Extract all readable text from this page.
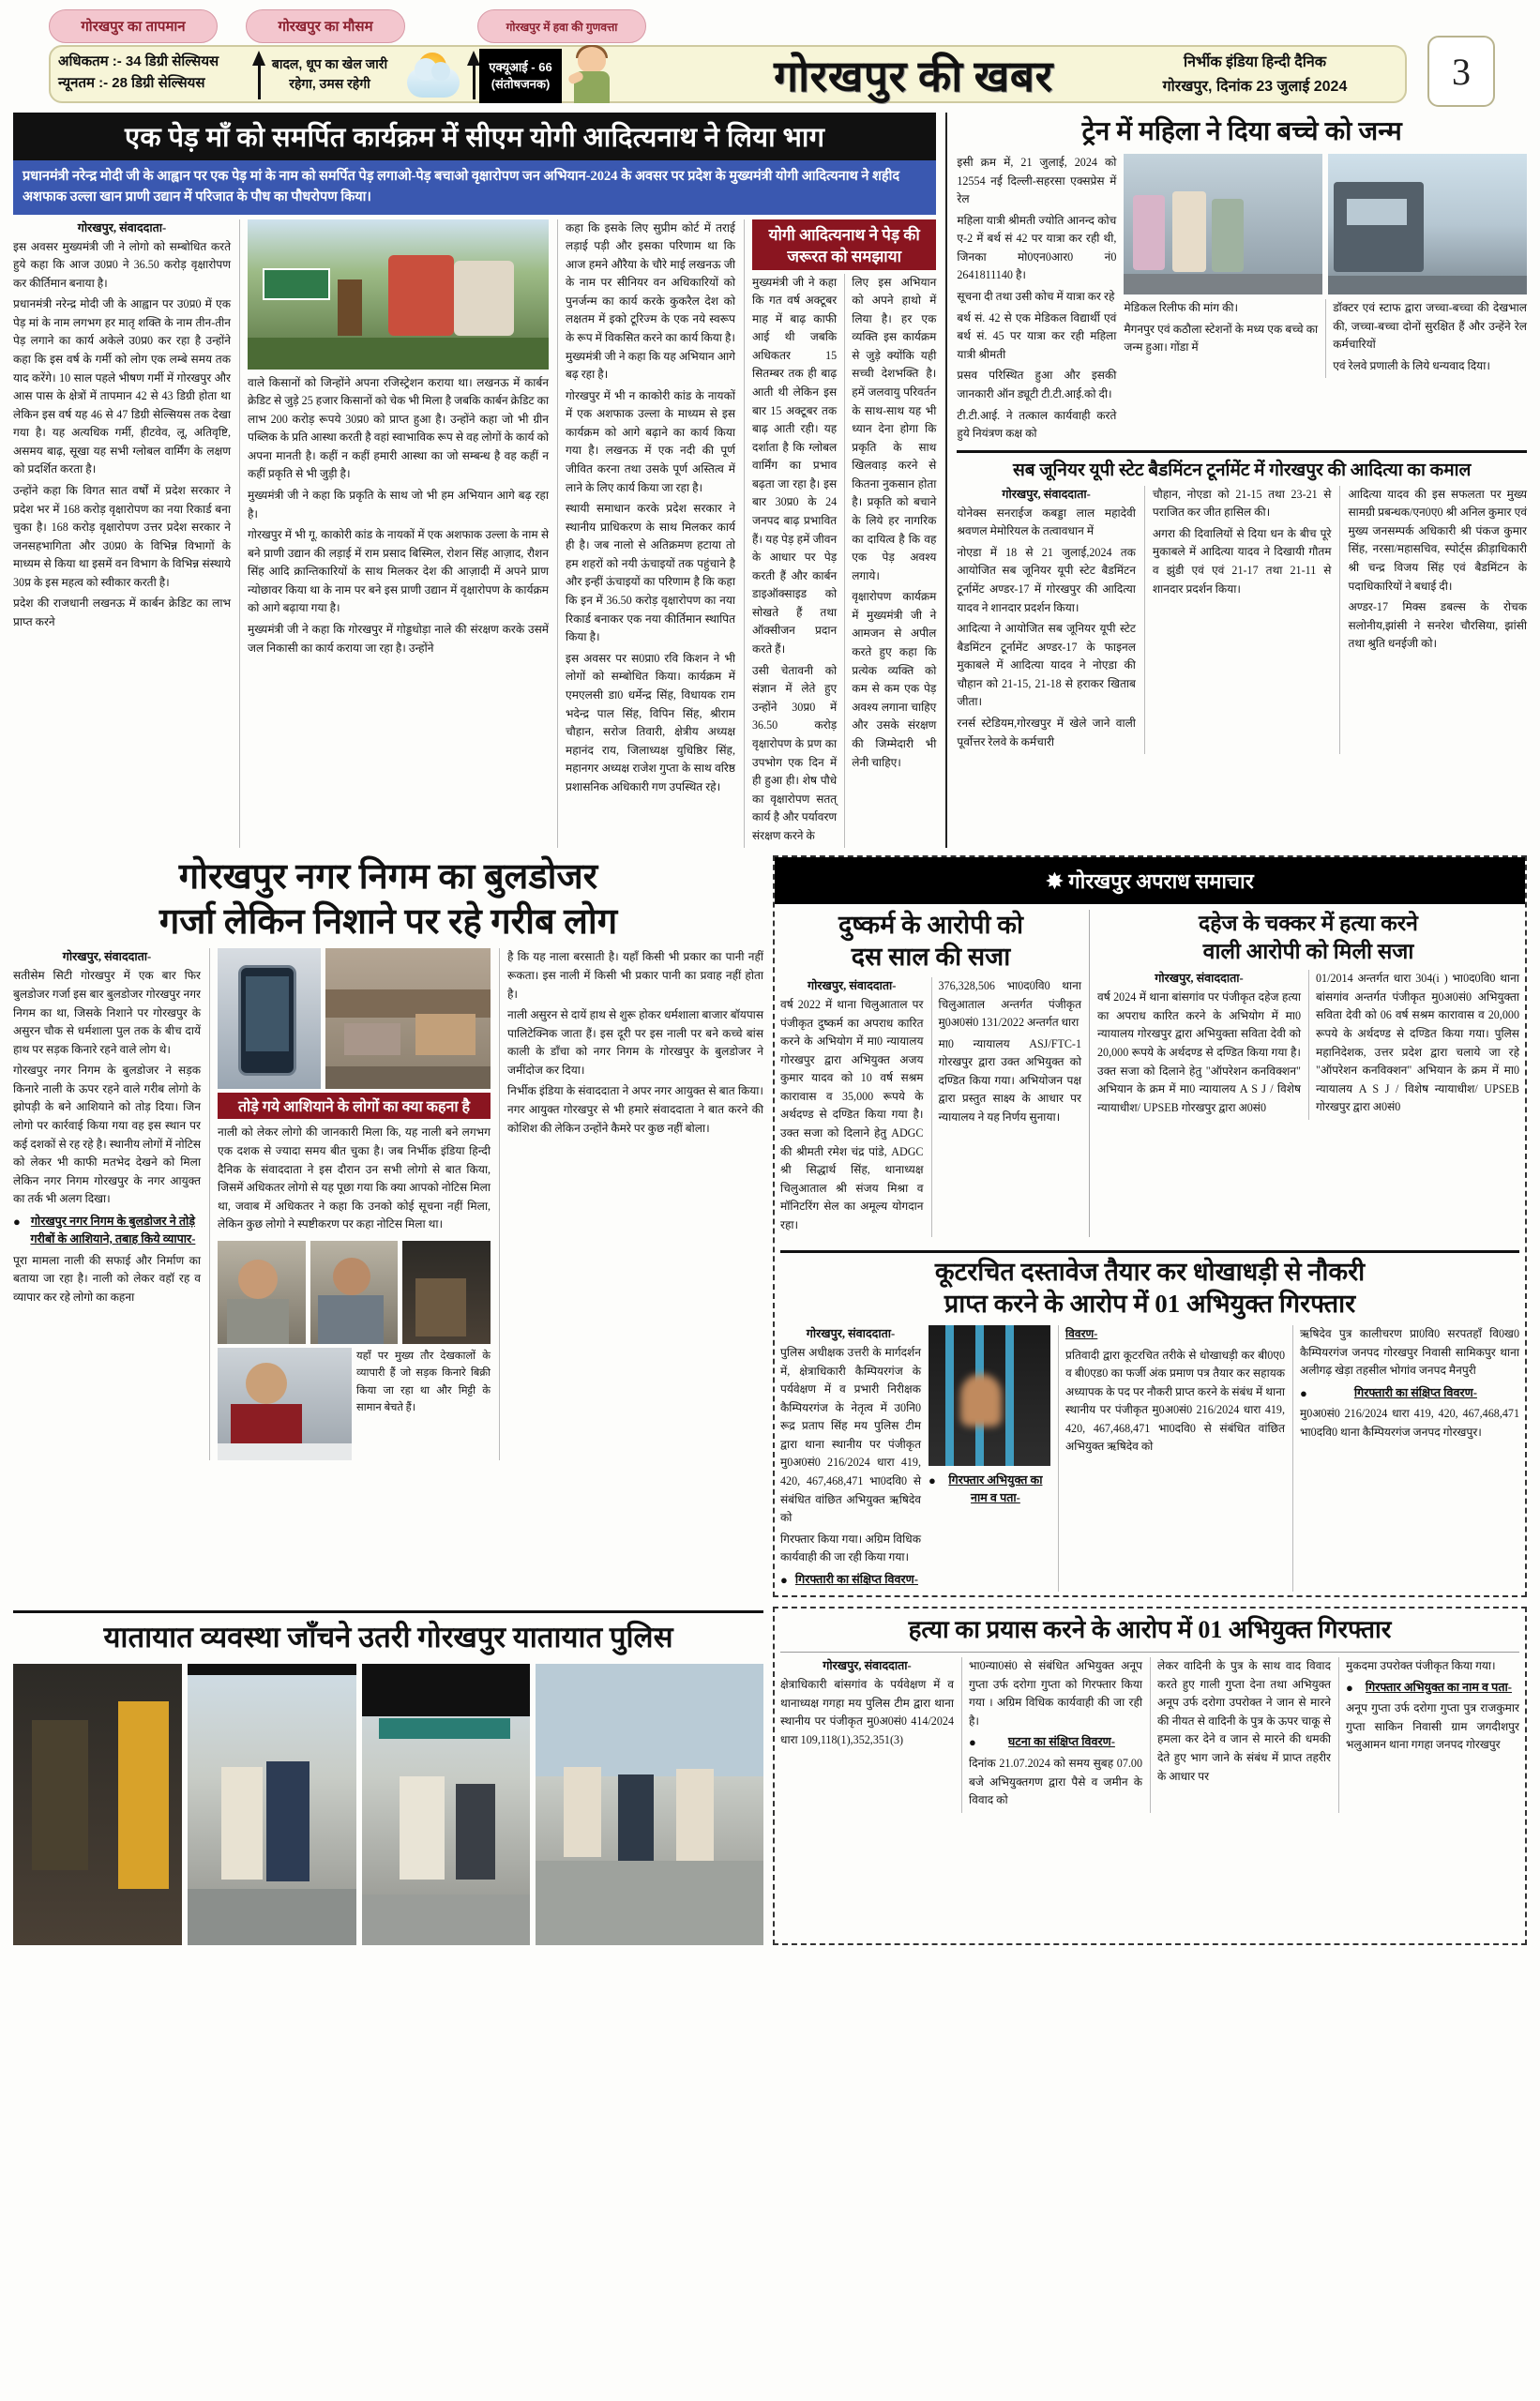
गोरखपुर का तापमान	गोरखपुर का मौसम	गोरखपुर में हवा की गुणवत्ता
अधिकतम :- 34 डिग्री सेल्सियस
न्यूनतम :- 28 डिग्री सेल्सियस
बादल, धूप का खेल जारी
रहेगा, उमस रहेगी
एक्यूआई - 66
(संतोषजनक)	गोरखपुर की खबर	निर्भीक इंडिया हिन्दी दैनिक
गोरखपुर, दिनांक 23 जुलाई 2024	3
एक पेड़ माँ को समर्पित कार्यक्रम में सीएम योगी आदित्यनाथ ने लिया भाग
प्रधानमंत्री नरेन्द्र मोदी जी के आह्वान पर एक पेड़ मां के नाम को समर्पित पेड़ लगाओ-पेड़ बचाओ वृक्षारोपण जन अभियान-2024 के अवसर पर प्रदेश के मुख्यमंत्री योगी आदित्यनाथ ने शहीद अशफाक उल्ला खान प्राणी उद्यान में परिजात के पौध का पौधरोपण किया।
गोरखपुर, संवाददाता-

इस अवसर मुख्यमंत्री जी ने लोगो को सम्बोधित करते हुये कहा कि आज उ0प्र0 ने 36.50 करोड़ वृक्षारोपण कर कीर्तिमान बनाया है।

प्रधानमंत्री नरेन्द्र मोदी जी के आह्वान पर उ0प्र0 में एक पेड़ मां के नाम लगभग हर मातृ शक्ति के नाम तीन-तीन पेड़ लगाने का कार्य अकेले उ0प्र0 कर रहा है उन्होंने कहा कि इस वर्ष के गर्मी को लोग एक लम्बे समय तक याद करेंगे। 10 साल पहले भीषण गर्मी में गोरखपुर और आस पास के क्षेत्रों में तापमान 42 से 43 डिग्री होता था लेकिन इस वर्ष यह 46 से 47 डिग्री सेल्सियस तक देखा गया है। यह अत्यधिक गर्मी, हीटवेव, लू, अतिवृष्टि, असमय बाढ़, सूखा यह सभी ग्लोबल वार्मिंग के लक्षण को प्रदर्शित करता है।

उन्होंने कहा कि विगत सात वर्षों में प्रदेश सरकार ने प्रदेश भर में 168 करोड़ वृक्षारोपण का नया रिकार्ड बना चुका है। 168 करोड़ वृक्षारोपण उत्तर प्रदेश सरकार ने जनसहभागिता और उ0प्र0 के विभिन्न विभागों के माध्यम से किया था इसमें वन विभाग के विभिन्न संस्थाये 30प्र के इस महत्व को स्वीकार करती है।

प्रदेश की राजधानी लखनऊ में कार्बन क्रेडिट का लाभ प्राप्त करने

वाले किसानों को जिन्होंने अपना रजिस्ट्रेशन कराया था। लखनऊ में कार्बन क्रेडिट से जुड़े 25 हजार किसानों को चेक भी मिला है जबकि कार्बन क्रेडिट का लाभ 200 करोड़ रूपये 30प्र0 को प्राप्त हुआ है। उन्होंने कहा जो भी ग्रीन पब्लिक के प्रति आस्था करती है वहां स्वाभाविक रूप से वह लोगों के कार्य को अपना मानती है। कहीं न कहीं हमारी आस्था का जो सम्बन्ध है वह कहीं न कहीं प्रकृति से भी जुड़ी है।

मुख्यमंत्री जी ने कहा कि प्रकृति के साथ जो भी हम अभियान आगे बढ़ रहा है।

गोरखपुर में भी गू. काकोरी कांड के नायकों में एक अशफाक उल्ला के नाम से बने प्राणी उद्यान की लड़ाई में राम प्रसाद बिस्मिल, रोशन सिंह आज़ाद, रौशन सिंह आदि क्रान्तिकारियों के साथ मिलकर देश की आज़ादी में अपने प्राण न्योछावर किया था के नाम पर बने इस प्राणी उद्यान में वृक्षारोपण के कार्यक्रम को आगे बढ़ाया गया है।

मुख्यमंत्री जी ने कहा कि गोरखपुर में गोड्डधोड़ा नाले की संरक्षण करके उसमें जल निकासी का कार्य कराया जा रहा है। उन्होंने

कहा कि इसके लिए सुप्रीम कोर्ट में तराई लड़ाई पड़ी और इसका परिणाम था कि आज हमने औरैया के चौरे माई लखनऊ जी के नाम पर सीनियर वन अधिकारियों को पुनर्जन्म का कार्य करके कुकरैल देश को लक्षतम में इको टूरिज्म के एक नये स्वरूप के रूप में विकसित करने का कार्य किया है। मुख्यमंत्री जी ने कहा कि यह अभियान आगे बढ़ रहा है।

गोरखपुर में भी न काकोरी कांड के नायकों में एक अशफाक उल्ला के माध्यम से इस कार्यक्रम को आगे बढ़ाने का कार्य किया गया है। लखनऊ में एक नदी की पूर्ण जीवित करना तथा उसके पूर्ण अस्तित्व में लाने के लिए कार्य किया जा रहा है।

स्थायी समाधान करके प्रदेश सरकार ने स्थानीय प्राधिकरण के साथ मिलकर कार्य ही है। जब नालो से अतिक्रमण हटाया तो हम शहरों को नयी ऊंचाइयों तक पहुंचाने है और इन्हीं ऊंचाइयों का परिणाम है कि कहा कि इन में 36.50 करोड़ वृक्षारोपण का नया रिकार्ड बनाकर एक नया कीर्तिमान स्थापित किया है।

इस अवसर पर स0प्रा0 रवि किशन ने भी लोगों को सम्बोधित किया। कार्यक्रम में एमएलसी डा0 धर्मेन्द्र सिंह, विधायक राम भदेन्द्र पाल सिंह, विपिन सिंह, श्रीराम चौहान, सरोज तिवारी, क्षेत्रीय अध्यक्ष महानंद राय, जिलाध्यक्ष युधिष्ठिर सिंह, महानगर अध्यक्ष राजेश गुप्ता के साथ वरिष्ठ प्रशासनिक अधिकारी गण उपस्थित रहे।

योगी आदित्यनाथ ने पेड़ की जरूरत को समझाया

मुख्यमंत्री जी ने कहा कि गत वर्ष अक्टूबर माह में बाढ़ काफी आई थी जबकि अधिकतर 15 सितम्बर तक ही बाढ़ आती थी लेकिन इस बार 15 अक्टूबर तक बाढ़ आती रही। यह दर्शाता है कि ग्लोबल वार्मिंग का प्रभाव बढ़ता जा रहा है। इस बार 30प्र0 के 24 जनपद बाढ़ प्रभावित हैं। यह पेड़ हमें जीवन के आधार पर पेड़ करती हैं और कार्बन डाइऑक्साइड को सोखते हैं तथा ऑक्सीजन प्रदान करते हैं।

उसी चेतावनी को संज्ञान में लेते हुए उन्होंने 30प्र0 में 36.50 करोड़ वृक्षारोपण के प्रण का उपभोग एक दिन में ही हुआ ही। शेष पौधे का वृक्षारोपण सतत् कार्य है और पर्यावरण संरक्षण करने के

लिए इस अभियान को अपने हाथो में लिया है। हर एक व्यक्ति इस कार्यक्रम से जुड़े क्योंकि यही सच्ची देशभक्ति है। हमें जलवायु परिवर्तन के साथ-साथ यह भी ध्यान देना होगा कि प्रकृति के साथ खिलवाड़ करने से कितना नुकसान होता है। प्रकृति को बचाने के लिये हर नागरिक का दायित्व है कि वह एक पेड़ अवश्य लगाये।

वृक्षारोपण कार्यक्रम में मुख्यमंत्री जी ने आमजन से अपील करते हुए कहा कि प्रत्येक व्यक्ति को कम से कम एक पेड़ अवश्य लगाना चाहिए और उसके संरक्षण की जिम्मेदारी भी लेनी चाहिए।

ट्रेन में महिला ने दिया बच्चे को जन्म

इसी क्रम में, 21 जुलाई, 2024 को 12554 नई दिल्ली-सहरसा एक्सप्रेस में रेल

महिला यात्री श्रीमती ज्योति आनन्द कोच ए-2 में बर्थ सं 42 पर यात्रा कर रही थी, जिनका मो0एन0आर0 नं0 2641811140 है।

सूचना दी तथा उसी कोच में यात्रा कर रहे

बर्थ सं. 42 से एक मेडिकल विद्यार्थी एवं बर्थ सं. 45 पर यात्रा कर रही महिला यात्री श्रीमती

प्रसव परिस्थित हुआ और इसकी जानकारी ऑन ड्यूटी टी.टी.आई.को दी।

टी.टी.आई. ने तत्काल कार्यवाही करते हुये नियंत्रण कक्ष को

मेडिकल रिलीफ की मांग की।

मैगनपुर एवं कठौला स्टेशनों के मध्य एक बच्चे का जन्म हुआ। गोंडा में

डॉक्टर एवं स्टाफ द्वारा जच्चा-बच्चा की देखभाल की, जच्चा-बच्चा दोनों सुरक्षित हैं और उन्हेंने रेल कर्मचारियों

एवं रेलवे प्रणाली के लिये धन्यवाद दिया।

सब जूनियर यूपी स्टेट बैडमिंटन टूर्नामेंट में गोरखपुर की आदित्या का कमाल
गोरखपुर, संवाददाता-

योनेक्स सनराईज कबड्डा लाल महादेवी श्रवणल मेमोरियल के तत्वावधान में

नोएडा में 18 से 21 जुलाई,2024 तक आयोजित सब जूनियर यूपी स्टेट बैडमिंटन टूर्नामेंट अण्डर-17 में गोरखपुर की आदित्या यादव ने शानदार प्रदर्शन किया।

आदित्या ने आयोजित सब जूनियर यूपी स्टेट बैडमिंटन टूर्नामेंट अण्डर-17 के फाइनल मुकाबले में आदित्या यादव ने नोएडा की चौहान को 21-15, 21-18 से हराकर खिताब जीता।

रनर्स स्टेडियम,गोरखपुर में खेले जाने वाली पूर्वोत्तर रेलवे के कर्मचारी

चौहान, नोएडा को 21-15 तथा 23-21 से पराजित कर जीत हासिल की।

अगरा की दिवालियों से दिया धन के बीच पूरे मुकाबले में आदित्या यादव ने दिखायी गौतम व झुंडी एवं एवं 21-17 तथा 21-11 से शानदार प्रदर्शन किया।

आदित्या यादव की इस सफलता पर मुख्य सामग्री प्रबन्धक/एन0ए0 श्री अनिल कुमार एवं मुख्य जनसम्पर्क अधिकारी श्री पंकज कुमार सिंह, नरसा/महासचिव, स्पोर्ट्स क्रीड़ाधिकारी श्री चन्द्र विजय सिंह एवं बैडमिंटन के पदाधिकारियों ने बधाई दी।

अण्डर-17 मिक्स डबल्स के रोचक सलोनीय,झांसी ने सनरेश चौरसिया, झांसी तथा श्रुति धनईजी को।

गोरखपुर नगर निगम का बुलडोजर
गर्जा लेकिन निशाने पर रहे गरीब लोग
गोरखपुर, संवाददाता-

सतीसेम सिटी गोरखपुर में एक बार फिर बुलडोजर गर्जा इस बार बुलडोजर गोरखपुर नगर निगम का था, जिसके निशाने पर गोरखपुर के असुरन चौक से धर्मशाला पुल तक के बीच दायें हाथ पर सड़क किनारे रहने वाले लोग थे।

गोरखपुर नगर निगम के बुलडोजर ने सड़क किनारे नाली के ऊपर रहने वाले गरीब लोगो के झोपड़ी के बने आशियाने को तोड़ दिया। जिन लोगो पर कार्रवाई किया गया वह इस स्थान पर कई दशकों से रह रहे है। स्थानीय लोगों में नोटिस को लेकर भी काफी मतभेद देखने को मिला लेकिन नगर निगम गोरखपुर के नगर आयुक्त का तर्क भी अलग दिखा।

● गोरखपुर नगर निगम के बुलडोजर ने तोड़े गरीबों के आशियाने, तबाह किये व्यापार-

पूरा मामला नाली की सफाई और निर्माण का बताया जा रहा है। नाली को लेकर वहॉ रह व व्यापार कर रहे लोगो का कहना

तोड़े गये आशियाने के लोगों का क्या कहना है

नाली को लेकर लोगो की जानकारी मिला कि, यह नाली बने लगभग एक दशक से ज्यादा समय बीत चुका है। जब निर्भीक इंडिया हिन्दी दैनिक के संवाददाता ने इस दौरान उन सभी लोगो से बात किया, जिसमें अधिकतर लोगो से यह पूछा गया कि क्या आपको नोटिस मिला था, जवाब में अधिकतर ने कहा कि उनको कोई सूचना नहीं मिला, लेकिन कुछ लोगो ने स्पष्टीकरण पर कहा नोटिस मिला था।

यहाँ पर मुख्य तौर देखकालों के व्यापारी हैं जो सड़क किनारे बिक्री किया जा रहा था और मिट्टी के सामान बेचते हैं।

है कि यह नाला बरसाती है। यहाँ किसी भी प्रकार का पानी नहीं रूकता। इस नाली में किसी भी प्रकार पानी का प्रवाह नहीं होता है।

नाली असुरन से दायें हाथ से शुरू होकर धर्मशाला बाजार बॉयपास पालिटेक्निक जाता हैं। इस दूरी पर इस नाली पर बने कच्चे बांस काली के डाँचा को नगर निगम के गोरखपुर के बुलडोजर ने जमींदोज कर दिया।

निर्भीक इंडिया के संवाददाता ने अपर नगर आयुक्त से बात किया। नगर आयुक्त गोरखपुर से भी हमारे संवाददाता ने बात करने की कोशिश की लेकिन उन्होंने कैमरे पर कुछ नहीं बोला।

✸ गोरखपुर अपराध समाचार
दुष्कर्म के आरोपी को
दस साल की सजा
गोरखपुर, संवाददाता-

वर्ष 2022 में थाना चिलुआताल पर पंजीकृत दुष्कर्म का अपराध कारित करने के अभियोग में मा0 न्यायालय गोरखपुर द्वारा अभियुक्त अजय कुमार यादव को 10 वर्ष सश्रम कारावास व 35,000 रूपये के अर्थदण्ड से दण्डित किया गया है। उक्त सजा को दिलाने हेतु ADGC की श्रीमती रमेश चंद्र पांडे, ADGC श्री सिद्धार्थ सिंह, थानाध्यक्ष चिलुआताल श्री संजय मिश्रा व मॉनिटरिंग सेल का अमूल्य योगदान रहा।

376,328,506 भा0द0वि0 थाना चिलुआताल अन्तर्गत पंजीकृत मु0अ0सं0 131/2022 अन्तर्गत धारा

मा0 न्यायालय ASJ/FTC-1 गोरखपुर द्वारा उक्त अभियुक्त को दण्डित किया गया। अभियोजन पक्ष द्वारा प्रस्तुत साक्ष्य के आधार पर न्यायालय ने यह निर्णय सुनाया।

दहेज के चक्कर में हत्या करने
वाली आरोपी को मिली सजा
गोरखपुर, संवाददाता-

वर्ष 2024 में थाना बांसगांव पर पंजीकृत दहेज हत्या का अपराध कारित करने के अभियोग में मा0 न्यायालय गोरखपुर द्वारा अभियुक्ता सविता देवी को 20,000 रूपये के अर्थदण्ड से दण्डित किया गया है। उक्त सजा को दिलाने हेतु "ऑपरेशन कनविक्शन" अभियान के क्रम में मा0 न्यायालय A S J / विशेष न्यायाधीश/ UPSEB गोरखपुर द्वारा अ0सं0

01/2014 अन्तर्गत धारा 304(i ) भा0द0वि0 थाना बांसगांव अन्तर्गत पंजीकृत मु0अ0सं0 अभियुक्ता सविता देवी को 06 वर्ष सश्रम कारावास व 20,000 रूपये के अर्थदण्ड से दण्डित किया गया। पुलिस महानिदेशक, उत्तर प्रदेश द्वारा चलाये जा रहे "ऑपरेशन कनविक्शन" अभियान के क्रम में मा0 न्यायालय A S J / विशेष न्यायाधीश/ UPSEB गोरखपुर द्वारा अ0सं0

कूटरचित दस्तावेज तैयार कर धोखाधड़ी से नौकरी
प्राप्त करने के आरोप में 01 अभियुक्त गिरफ्तार
गोरखपुर, संवाददाता-

पुलिस अधीक्षक उत्तरी के मार्गदर्शन में, क्षेत्राधिकारी कैम्पियरगंज के पर्यवेक्षण में व प्रभारी निरीक्षक कैम्पियरगंज के नेतृत्व में उ0नि0 रूद्र प्रताप सिंह मय पुलिस टीम द्वारा थाना स्थानीय पर पंजीकृत मु0अ0सं0 216/2024 धारा 419, 420, 467,468,471 भा0दवि0 से संबंधित वांछित अभियुक्त ऋषिदेव को

गिरफ्तार किया गया। अग्रिम विधिक कार्यवाही की जा रही किया गया।

● गिरफ्तारी का संक्षिप्त विवरण-
●	गिरफ्तार अभियुक्त का नाम व पता-

विवरण-

प्रतिवादी द्वारा कूटरचित तरीके से धोखाधड़ी कर बी0ए0 व बी0एड0 का फर्जी अंक प्रमाण पत्र तैयार कर सहायक अध्यापक के पद पर नौकरी प्राप्त करने के संबंध में थाना स्थानीय पर पंजीकृत मु0अ0सं0 216/2024 धारा 419, 420, 467,468,471 भा0दवि0 से संबंधित वांछित अभियुक्त ऋषिदेव को

ऋषिदेव पुत्र कालीचरण प्रा0वि0 सरपतहाँ वि0ख0 कैम्पियरगंज जनपद गोरखपुर निवासी सामिकपुर थाना अलीगढ़ खेड़ा तहसील भोगांव जनपद मैनपुरी

●	गिरफ्तारी का संक्षिप्त विवरण-

मु0अ0सं0 216/2024 धारा 419, 420, 467,468,471 भा0दवि0 थाना कैम्पियरगंज जनपद गोरखपुर।

यातायात व्यवस्था जाँचने उतरी गोरखपुर यातायात पुलिस	हत्या का प्रयास करने के आरोप में 01 अभियुक्त गिरफ्तार
गोरखपुर, संवाददाता-

क्षेत्राधिकारी बांसगांव के पर्यवेक्षण में व थानाध्यक्ष गगहा मय पुलिस टीम द्वारा थाना स्थानीय पर पंजीकृत मु0अ0सं0 414/2024 धारा 109,118(1),352,351(3)

भा0न्या0सं0 से संबंधित अभियुक्त अनूप गुप्ता उर्फ दरोगा गुप्ता को गिरफ्तार किया गया । अग्रिम विधिक कार्यवाही की जा रही है।

●	घटना का संक्षिप्त विवरण-

दिनांक 21.07.2024 को समय सुबह 07.00 बजे अभियुक्तगण द्वारा पैसे व जमीन के विवाद को

लेकर वादिनी के पुत्र के साथ वाद विवाद करते हुए गाली गुप्ता देना तथा अभियुक्त अनूप उर्फ दरोगा उपरोक्त ने जान से मारने की नीयत से वादिनी के पुत्र के ऊपर चाकू से हमला कर देने व जान से मारने की धमकी देते हुए भाग जाने के संबंध में प्राप्त तहरीर के आधार पर

मुकदमा उपरोक्त पंजीकृत किया गया।

●	गिरफ्तार अभियुक्त का नाम व पता-

अनूप गुप्ता उर्फ दरोगा गुप्ता पुत्र राजकुमार गुप्ता साकिन निवासी ग्राम जगदीशपुर भलुआमन थाना गगहा जनपद गोरखपुर
